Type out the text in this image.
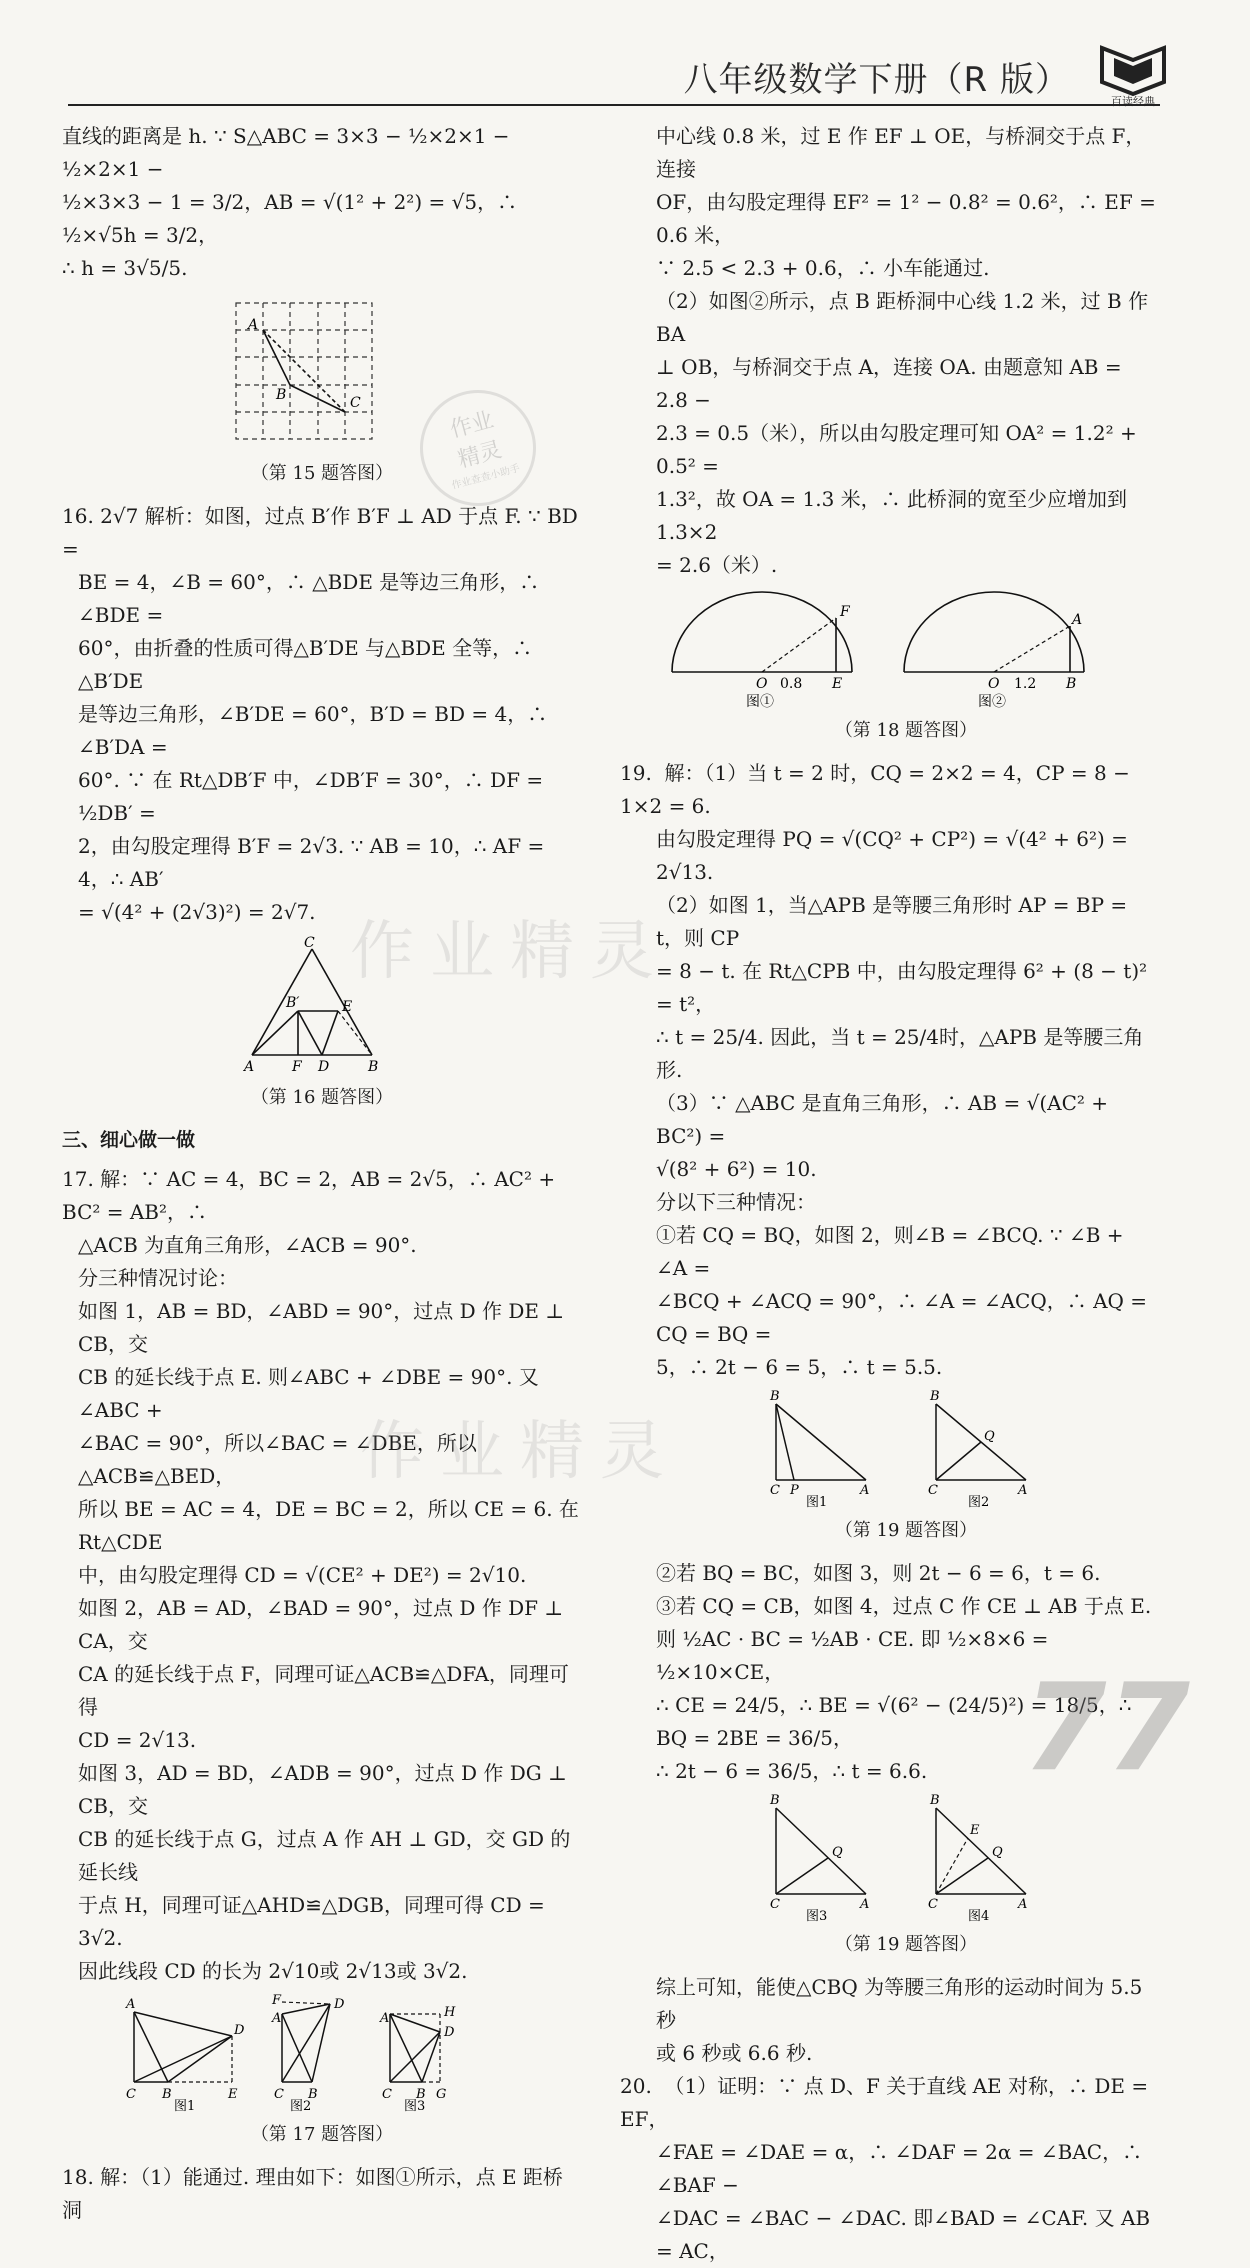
八年级数学下册（R 版）
百读经典

直线的距离是 h. ∵ S△ABC = 3×3 − ½×2×1 − ½×2×1 −

½×3×3 − 1 = 3/2，AB = √(1² + 2²) = √5，∴ ½×√5h = 3/2，

∴ h = 3√5/5.

A
B	C
（第 15 题答图）

16. 2√7 解析：如图，过点 B′作 B′F ⊥ AD 于点 F. ∵ BD =

BE = 4，∠B = 60°，∴ △BDE 是等边三角形，∴ ∠BDE =

60°，由折叠的性质可得△B′DE 与△BDE 全等，∴ △B′DE

是等边三角形，∠B′DE = 60°，B′D = BD = 4，∴ ∠B′DA =

60°. ∵ 在 Rt△DB′F 中，∠DB′F = 30°，∴ DF = ½DB′ =

2，由勾股定理得 B′F = 2√3. ∵ AB = 10，∴ AF = 4，∴ AB′

= √(4² + (2√3)²) = 2√7.

C
B′	E
A	F D	B
（第 16 题答图）
三、细心做一做

17. 解：∵ AC = 4，BC = 2，AB = 2√5，∴ AC² + BC² = AB²，∴

△ACB 为直角三角形，∠ACB = 90°.

分三种情况讨论：

如图 1，AB = BD，∠ABD = 90°，过点 D 作 DE ⊥ CB，交

CB 的延长线于点 E. 则∠ABC + ∠DBE = 90°. 又∠ABC +

∠BAC = 90°，所以∠BAC = ∠DBE，所以△ACB≌△BED，

所以 BE = AC = 4，DE = BC = 2，所以 CE = 6. 在 Rt△CDE

中，由勾股定理得 CD = √(CE² + DE²) = 2√10.

如图 2，AB = AD，∠BAD = 90°，过点 D 作 DF ⊥ CA，交

CA 的延长线于点 F，同理可证△ACB≌△DFA，同理可得

CD = 2√13.

如图 3，AD = BD，∠ADB = 90°，过点 D 作 DG ⊥ CB，交

CB 的延长线于点 G，过点 A 作 AH ⊥ GD，交 GD 的延长线

于点 H，同理可证△AHD≌△DGB，同理可得 CD = 3√2.

因此线段 CD 的长为 2√10或 2√13或 3√2.

A
D
C B	E
图1
F
A
D
C B
图2
A	H
D
C B G
图3
（第 17 题答图）

18. 解：（1）能通过. 理由如下：如图①所示，点 E 距桥洞

中心线 0.8 米，过 E 作 EF ⊥ OE，与桥洞交于点 F，连接

OF，由勾股定理得 EF² = 1² − 0.8² = 0.6²，∴ EF = 0.6 米，

∵ 2.5 < 2.3 + 0.6，∴ 小车能通过.

（2）如图②所示，点 B 距桥洞中心线 1.2 米，过 B 作 BA

⊥ OB，与桥洞交于点 A，连接 OA. 由题意知 AB = 2.8 −

2.3 = 0.5（米），所以由勾股定理可知 OA² = 1.2² + 0.5² =

1.3²，故 OA = 1.3 米，∴ 此桥洞的宽至少应增加到 1.3×2

= 2.6（米）.

F	A
O	E	O	B
0.8	1.2
图①	图②
（第 18 题答图）

19. 解：（1）当 t = 2 时，CQ = 2×2 = 4，CP = 8 − 1×2 = 6.

由勾股定理得 PQ = √(CQ² + CP²) = √(4² + 6²) = 2√13.

（2）如图 1，当△APB 是等腰三角形时 AP = BP = t，则 CP

= 8 − t. 在 Rt△CPB 中，由勾股定理得 6² + (8 − t)² = t²，

∴ t = 25/4. 因此，当 t = 25/4时，△APB 是等腰三角形.

（3）∵ △ABC 是直角三角形，∴ AB = √(AC² + BC²) =

√(8² + 6²) = 10.

分以下三种情况：

①若 CQ = BQ，如图 2，则∠B = ∠BCQ. ∵ ∠B + ∠A =

∠BCQ + ∠ACQ = 90°，∴ ∠A = ∠ACQ，∴ AQ = CQ = BQ =

5，∴ 2t − 6 = 5，∴ t = 5.5.

B
C P	A
B
Q
C	A
图1	图2
（第 19 题答图）

②若 BQ = BC，如图 3，则 2t − 6 = 6，t = 6.

③若 CQ = CB，如图 4，过点 C 作 CE ⊥ AB 于点 E.

则 ½AC · BC = ½AB · CE. 即 ½×8×6 = ½×10×CE，

∴ CE = 24/5，∴ BE = √(6² − (24/5)²) = 18/5，∴ BQ = 2BE = 36/5，

∴ 2t − 6 = 36/5，∴ t = 6.6.

B
Q
C	A
B
E
Q
C	A
图3	图4
（第 19 题答图）

综上可知，能使△CBQ 为等腰三角形的运动时间为 5.5 秒

或 6 秒或 6.6 秒.

20. （1）证明：∵ 点 D、F 关于直线 AE 对称，∴ DE = EF，

∠FAE = ∠DAE = α，∴ ∠DAF = 2α = ∠BAC，∴ ∠BAF −

∠DAC = ∠BAC − ∠DAC. 即∠BAD = ∠CAF. 又 AB = AC，

作业精灵
作业精灵
作业
精灵
作业查查小助手
77
